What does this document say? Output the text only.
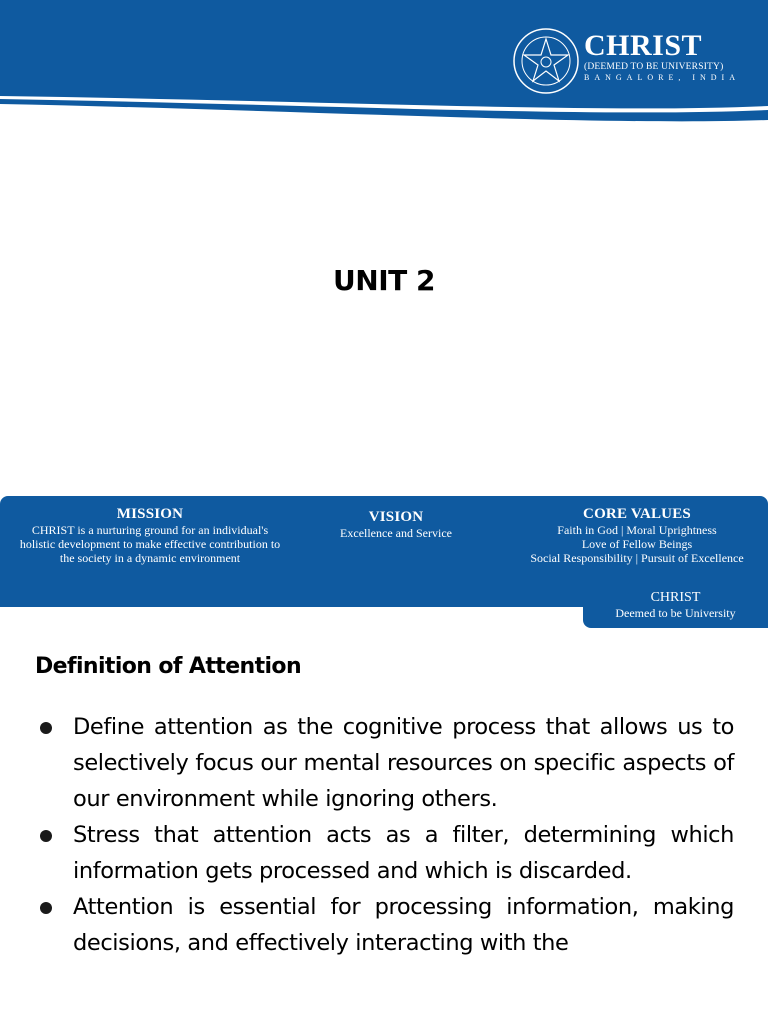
CHRIST
(DEEMED TO BE UNIVERSITY)
BANGALORE, INDIA
UNIT 2
MISSION

CHRIST is a nurturing ground for an individual's
holistic development to make effective contribution to
the society in a dynamic environment

VISION

Excellence and Service

CORE VALUES

Faith in God | Moral Uprightness
Love of Fellow Beings
Social Responsibility | Pursuit of Excellence

CHRIST
Deemed to be University
Definition of Attention
Define attention as the cognitive process that allows us to selectively focus our mental resources on specific aspects of our environment while ignoring others.
Stress that attention acts as a filter, determining which information gets processed and which is discarded.
Attention is essential for processing information, making decisions, and effectively interacting with the
